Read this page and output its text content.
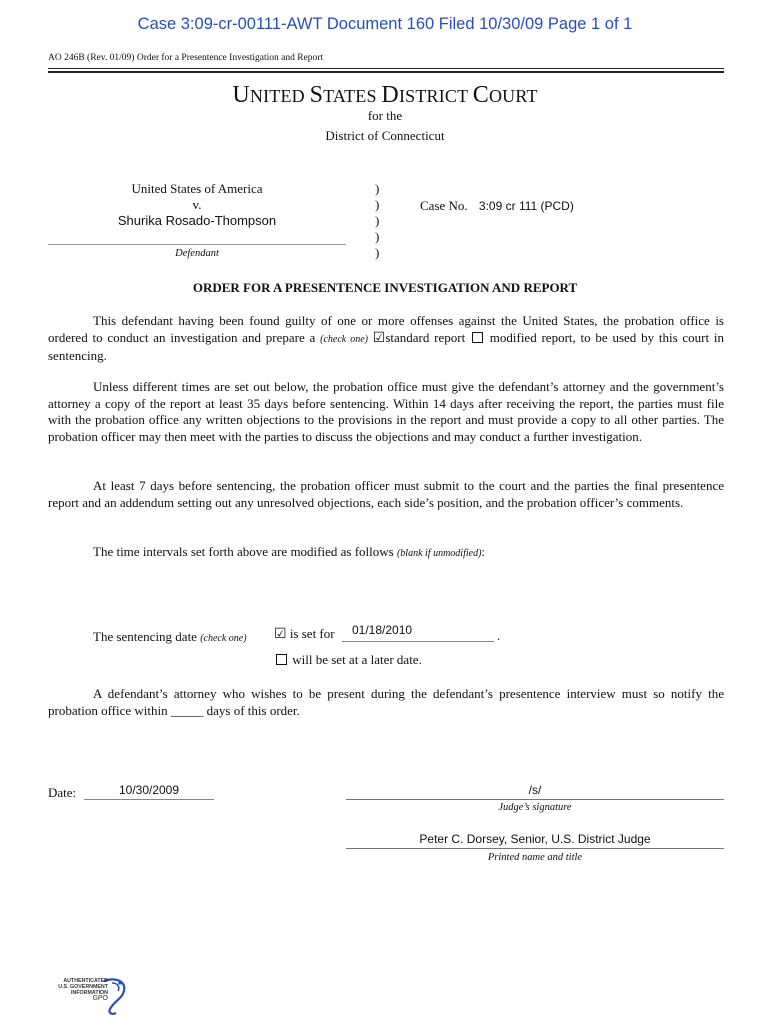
Case 3:09-cr-00111-AWT Document 160 Filed 10/30/09 Page 1 of 1
AO 246B (Rev. 01/09) Order for a Presentence Investigation and Report
UNITED STATES DISTRICT COURT
for the
District of Connecticut
United States of America
v.
Shurika Rosado-Thompson
Defendant
)
)
)
)
)
Case No. 3:09 cr 111 (PCD)
ORDER FOR A PRESENTENCE INVESTIGATION AND REPORT
This defendant having been found guilty of one or more offenses against the United States, the probation office is ordered to conduct an investigation and prepare a (check one) ☑standard report modified report, to be used by this court in sentencing.
Unless different times are set out below, the probation office must give the defendant’s attorney and the government’s attorney a copy of the report at least 35 days before sentencing. Within 14 days after receiving the report, the parties must file with the probation office any written objections to the provisions in the report and must provide a copy to all other parties. The probation officer may then meet with the parties to discuss the objections and may conduct a further investigation.
At least 7 days before sentencing, the probation officer must submit to the court and the parties the final presentence report and an addendum setting out any unresolved objections, each side’s position, and the probation officer’s comments.
The time intervals set forth above are modified as follows (blank if unmodified):
The sentencing date (check one) ☑ is set for	01/18/2010	.
will be set at a later date.
A defendant’s attorney who wishes to be present during the defendant’s presentence interview must so notify the probation office within _____ days of this order.
Date:	10/30/2009	/s/
Judge’s signature
Peter C. Dorsey, Senior, U.S. District Judge
Printed name and title
AUTHENTICATED
U.S. GOVERNMENT
INFORMATION
GPO
